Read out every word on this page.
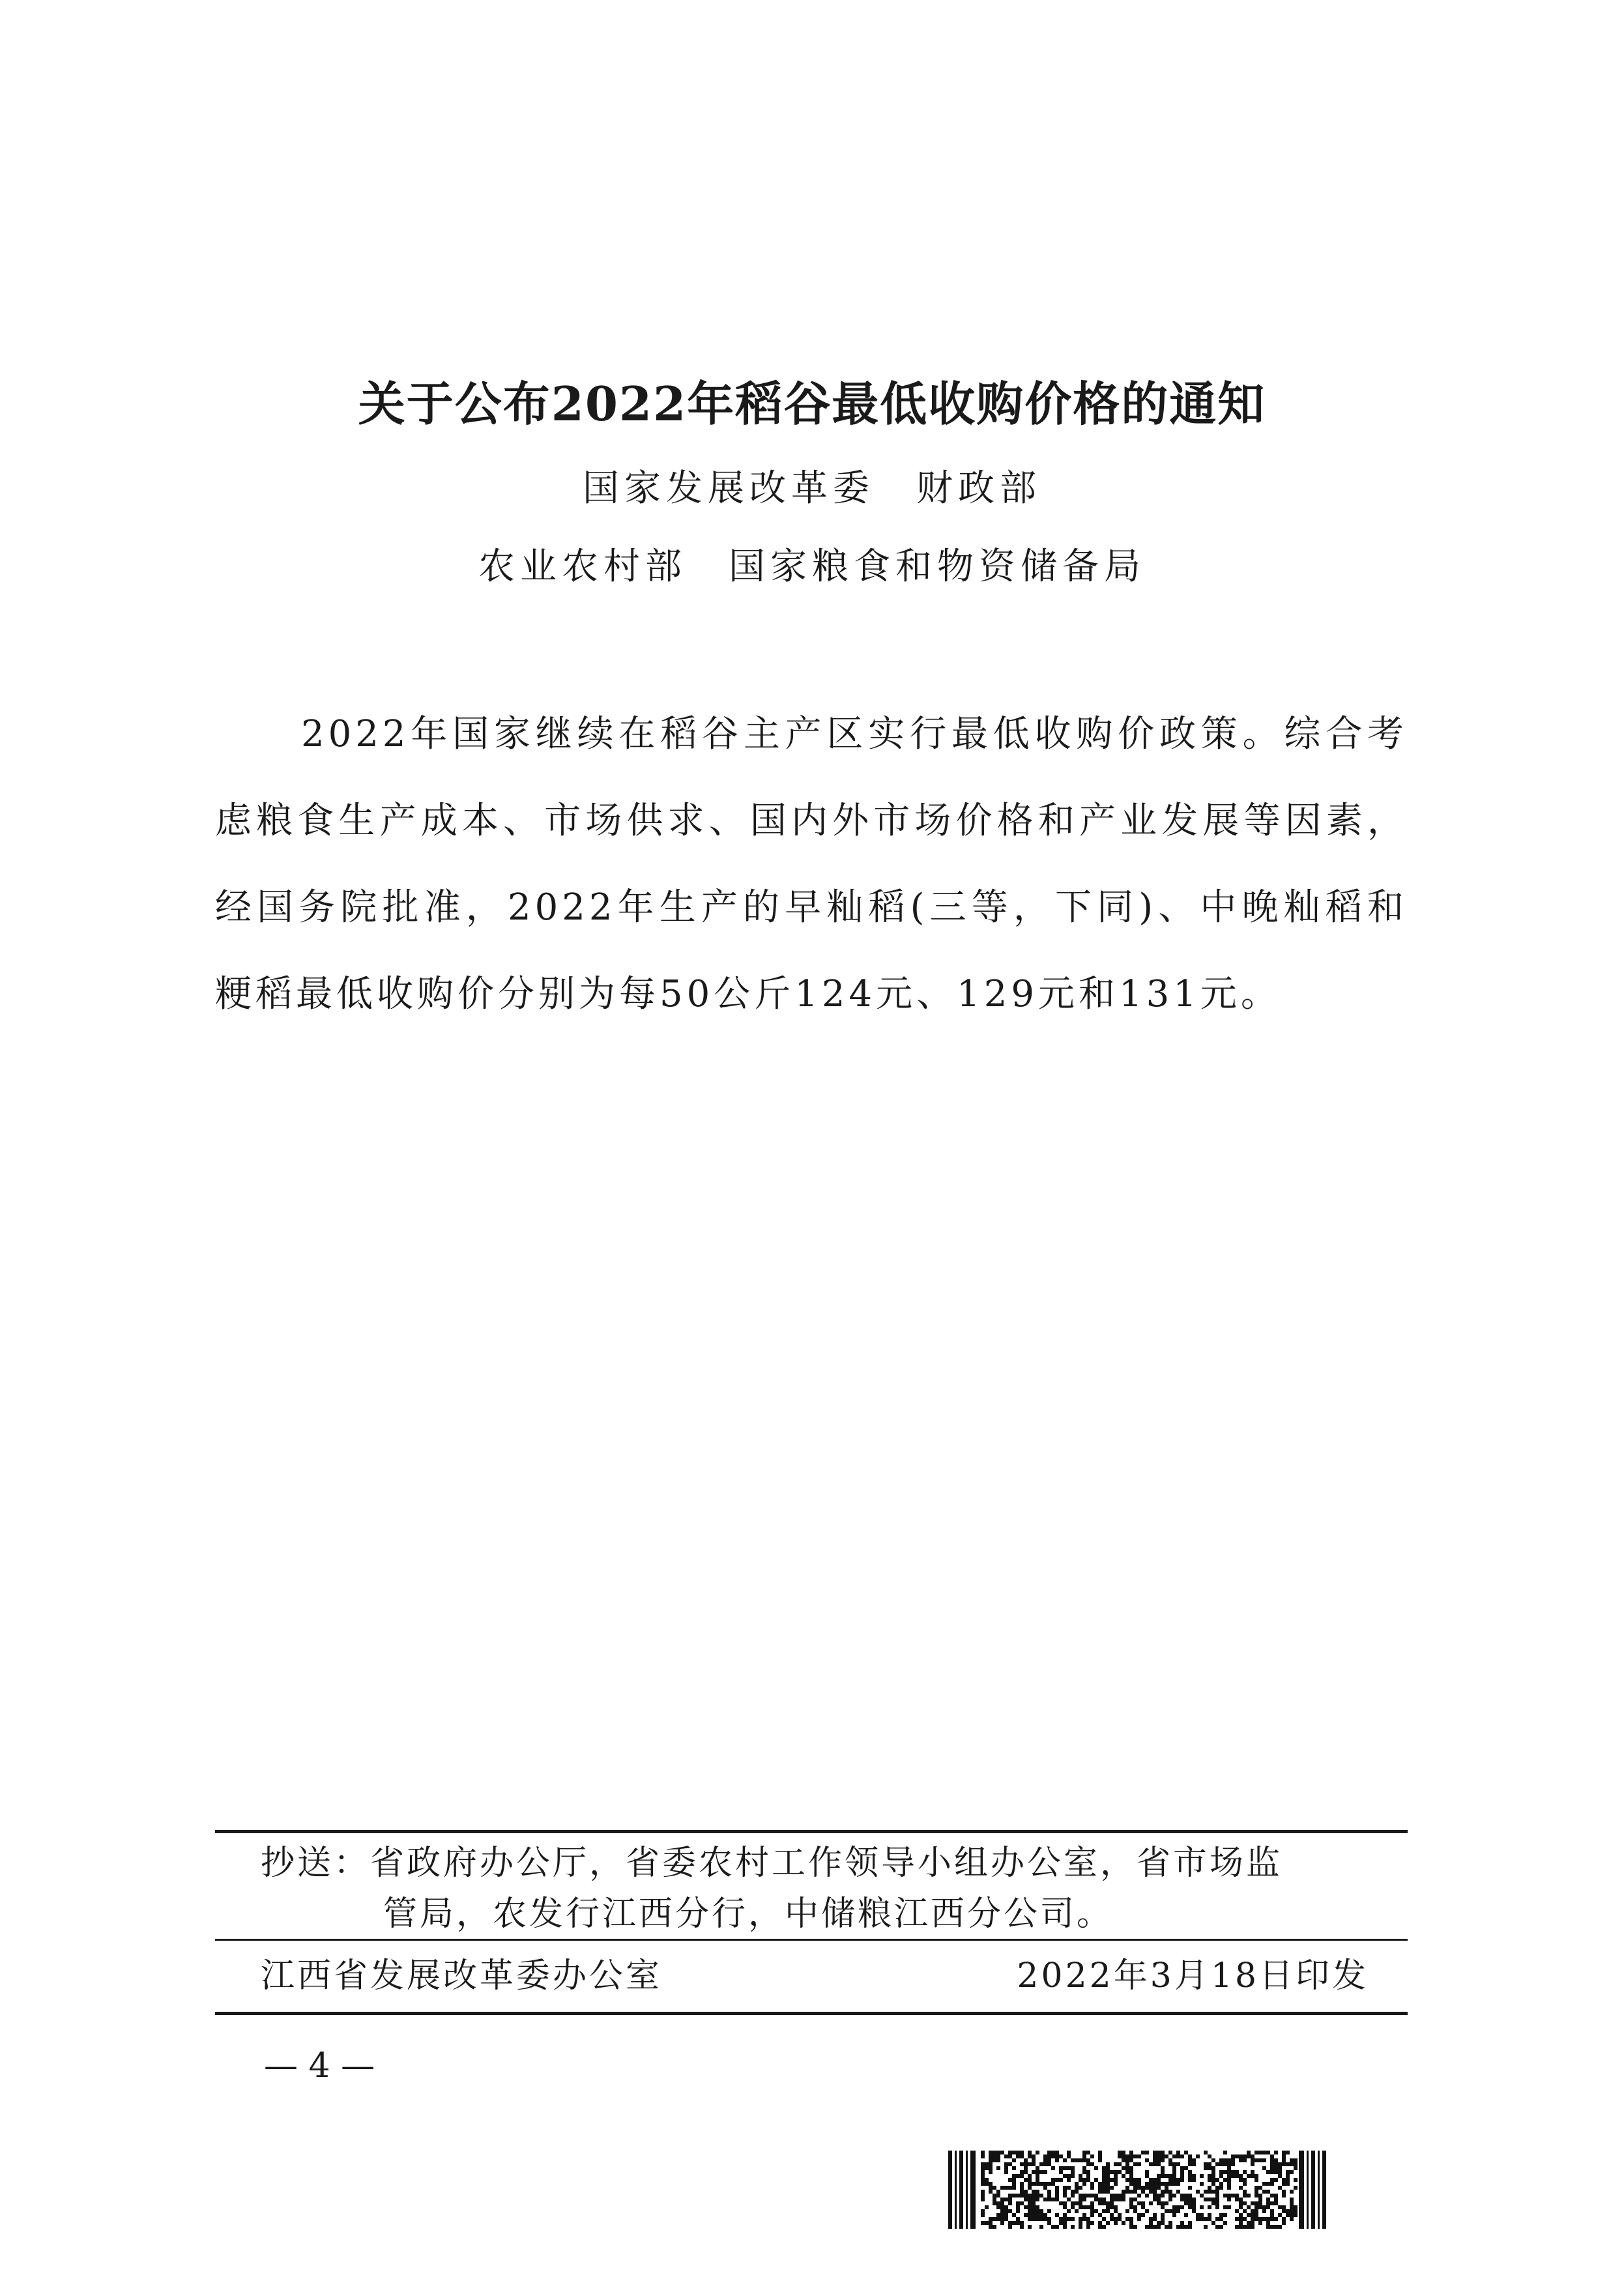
关于公布2022年稻谷最低收购价格的通知
国家发展改革委　财政部
农业农村部　国家粮食和物资储备局

2022年国家继续在稻谷主产区实行最低收购价政策。综合考虑粮食生产成本、市场供求、国内外市场价格和产业发展等因素，经国务院批准，2022年生产的早籼稻(三等，下同)、中晚籼稻和粳稻最低收购价分别为每50公斤124元、129元和131元。

抄送：省政府办公厅，省委农村工作领导小组办公室，省市场监
管局，农发行江西分行，中储粮江西分公司。
江西省发展改革委办公室	2022年3月18日印发
— 4 —
